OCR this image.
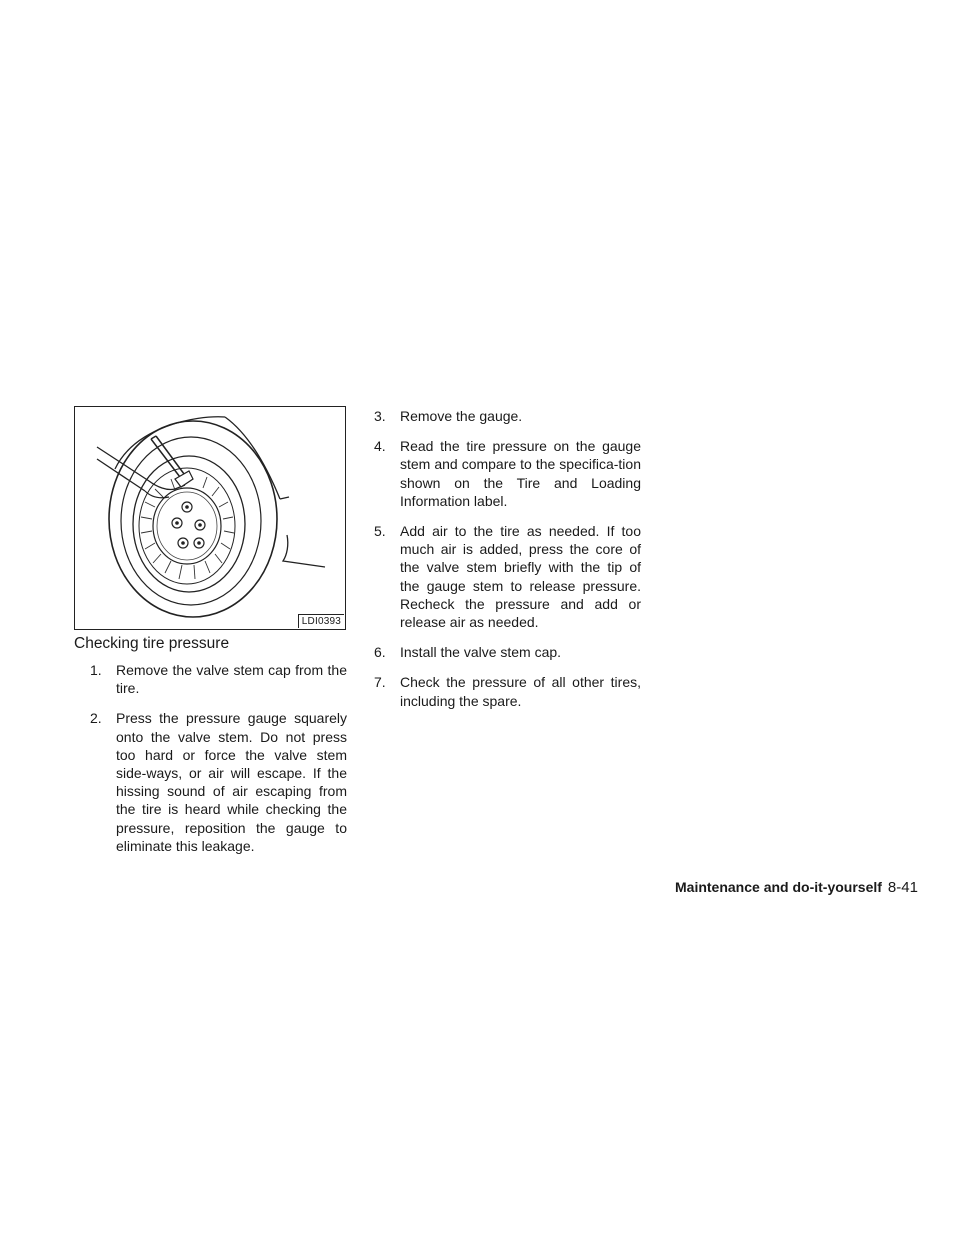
LDI0393
Checking tire pressure
1. Remove the valve stem cap from the tire.
2. Press the pressure gauge squarely onto the valve stem. Do not press too hard or force the valve stem side-ways, or air will escape. If the hissing sound of air escaping from the tire is heard while checking the pressure, reposition the gauge to eliminate this leakage.
3. Remove the gauge.
4. Read the tire pressure on the gauge stem and compare to the specifica-tion shown on the Tire and Loading Information label.
5. Add air to the tire as needed. If too much air is added, press the core of the valve stem briefly with the tip of the gauge stem to release pressure. Recheck the pressure and add or release air as needed.
6. Install the valve stem cap.
7. Check the pressure of all other tires, including the spare.
Maintenance and do-it-yourself 8-41
